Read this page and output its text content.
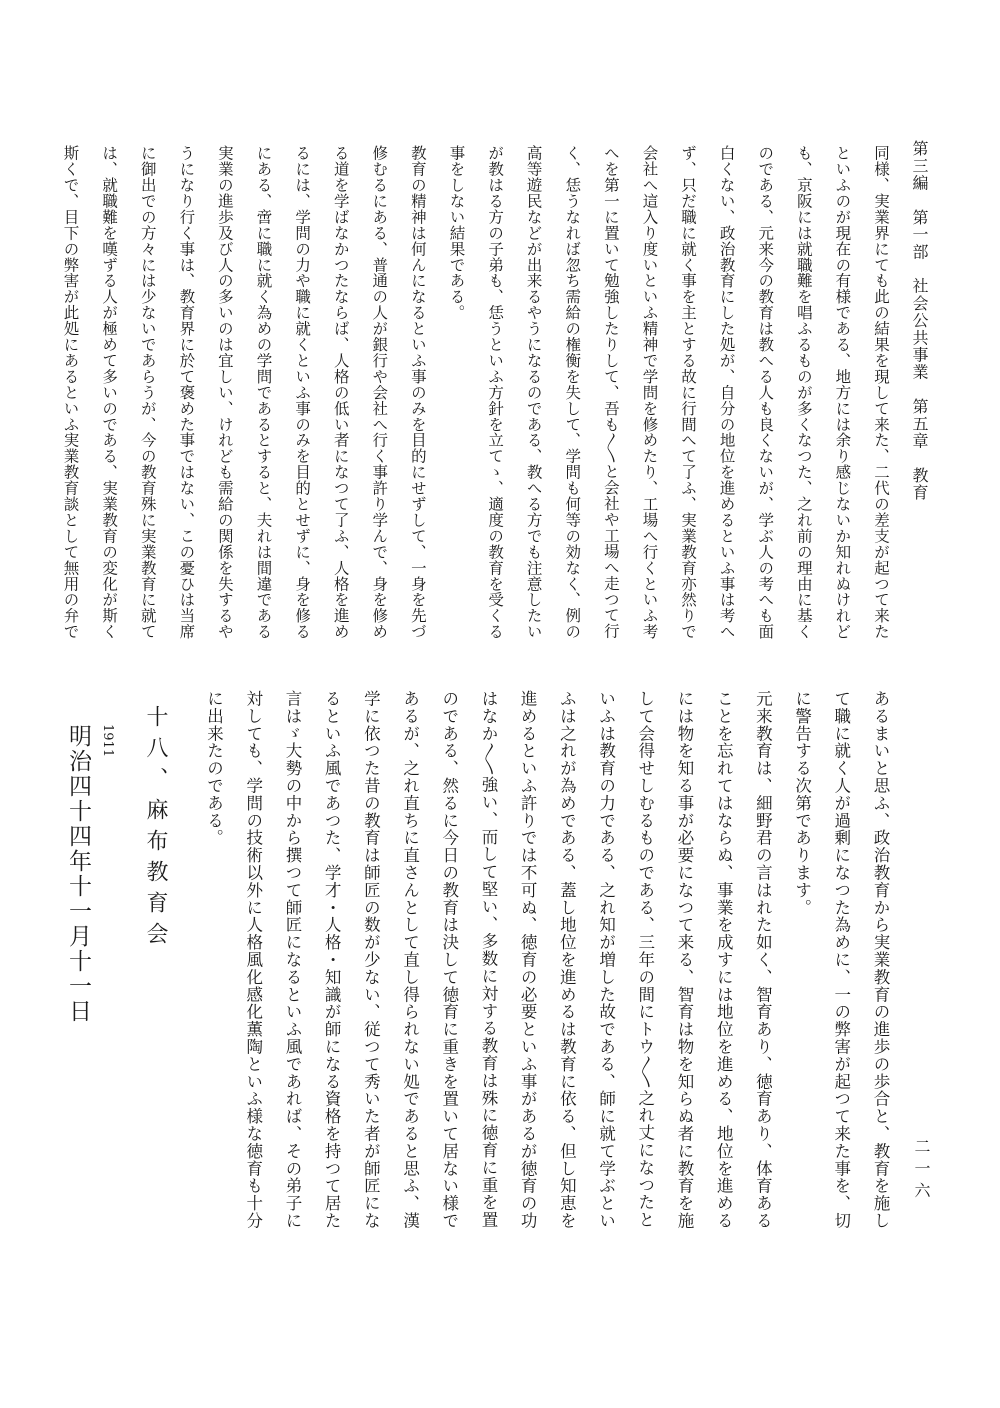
第三編　第一部　社会公共事業　第五章　教育
二一六
同様、実業界にても此の結果を現して来た、二代の差支が起つて来た
といふのが現在の有様である、地方には余り感じないか知れぬけれど
も、京阪には就職難を唱ふるものが多くなつた、之れ前の理由に基く
のである、元来今の教育は教へる人も良くないが、学ぶ人の考へも面
白くない、政治教育にした処が、自分の地位を進めるといふ事は考へ
ず、只だ職に就く事を主とする故に行間へて了ふ、実業教育亦然りで
会社へ這入り度いといふ精神で学問を修めたり、工場へ行くといふ考
へを第一に置いて勉強したりして、吾も〳〵と会社や工場へ走つて行
く、恁うなれば忽ち需給の権衡を失して、学問も何等の効なく、例の
高等遊民などが出来るやうになるのである、教へる方でも注意したい
が教はる方の子弟も、恁うといふ方針を立てゝ、適度の教育を受くる
事をしない結果である。
教育の精神は何んになるといふ事のみを目的にせずして、一身を先づ
修むるにある、普通の人が銀行や会社へ行く事許り学んで、身を修め
る道を学ばなかつたならば、人格の低い者になつて了ふ、人格を進め
るには、学問の力や職に就くといふ事のみを目的とせずに、身を修る
にある、啻に職に就く為めの学問であるとすると、夫れは間違である
実業の進歩及び人の多いのは宜しい、けれども需給の関係を失するや
うになり行く事は、教育界に於て褒めた事ではない、この憂ひは当席
に御出での方々には少ないであらうが、今の教育殊に実業教育に就て
は、就職難を嘆ずる人が極めて多いのである、実業教育の変化が斯く
斯くで、目下の弊害が此処にあるといふ実業教育談として無用の弁で
あるまいと思ふ、政治教育から実業教育の進歩の歩合と、教育を施し
て職に就く人が過剰になつた為めに、一の弊害が起つて来た事を、切
に警告する次第であります。
元来教育は、細野君の言はれた如く、智育あり、徳育あり、体育ある
ことを忘れてはならぬ、事業を成すには地位を進める、地位を進める
には物を知る事が必要になつて来る、智育は物を知らぬ者に教育を施
して会得せしむるものである、三年の間にトウ〳〵之れ丈になつたと
いふは教育の力である、之れ知が増した故である、師に就て学ぶとい
ふは之れが為めである、蓋し地位を進めるは教育に依る、但し知恵を
進めるといふ許りでは不可ぬ、徳育の必要といふ事があるが徳育の功
はなか〳〵強い、而して堅い、多数に対する教育は殊に徳育に重を置
のである、然るに今日の教育は決して徳育に重きを置いて居ない様で
あるが、之れ直ちに直さんとして直し得られない処であると思ふ、漢
学に依つた昔の教育は師匠の数が少ない、従つて秀いた者が師匠にな
るといふ風であつた、学才・人格・知識が師になる資格を持つて居た
言はゞ大勢の中から撰つて師匠になるといふ風であれば、その弟子に
対しても、学問の技術以外に人格風化感化薫陶といふ様な徳育も十分
に出来たのである。
十八、麻布教育会
1911
明治四十四年十一月十一日
